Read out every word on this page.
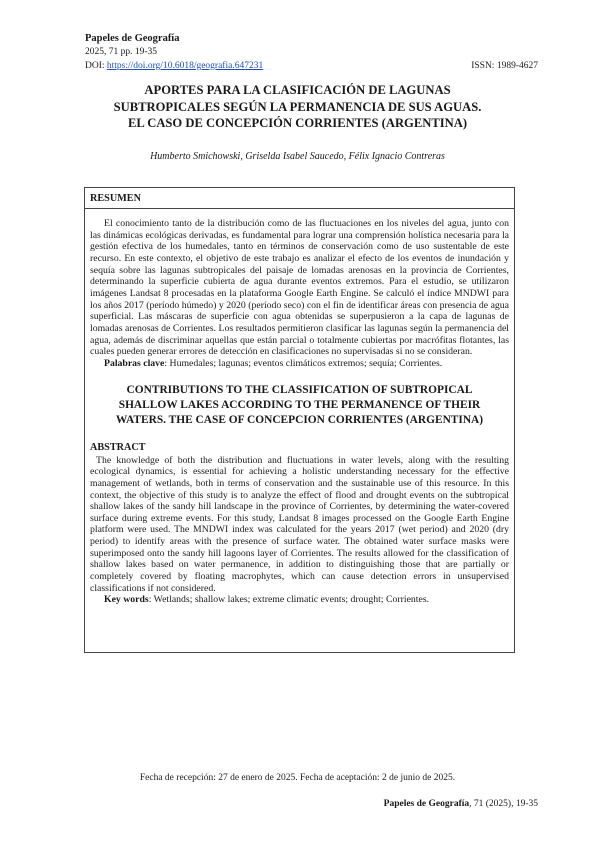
Papeles de Geografía
2025, 71 pp. 19-35
DOI: https://doi.org/10.6018/geografia.647231	ISSN: 1989-4627
APORTES PARA LA CLASIFICACIÓN DE LAGUNAS
SUBTROPICALES SEGÚN LA PERMANENCIA DE SUS AGUAS.
EL CASO DE CONCEPCIÓN CORRIENTES (ARGENTINA)
Humberto Smichowski, Griselda Isabel Saucedo, Félix Ignacio Contreras
RESUMEN
El conocimiento tanto de la distribución como de las fluctuaciones en los niveles del agua, junto con las dinámicas ecológicas derivadas, es fundamental para lograr una comprensión holística necesaria para la gestión efectiva de los humedales, tanto en términos de conservación como de uso sustentable de este recurso. En este contexto, el objetivo de este trabajo es analizar el efecto de los eventos de inundación y sequía sobre las lagunas subtropicales del paisaje de lomadas arenosas en la provincia de Corrientes, determinando la superficie cubierta de agua durante eventos extremos. Para el estudio, se utilizaron imágenes Landsat 8 procesadas en la plataforma Google Earth Engine. Se calculó el índice MNDWI para los años 2017 (período húmedo) y 2020 (período seco) con el fin de identificar áreas con presencia de agua superficial. Las máscaras de superficie con agua obtenidas se superpusieron a la capa de lagunas de lomadas arenosas de Corrientes. Los resultados permitieron clasificar las lagunas según la permanencia del agua, además de discriminar aquellas que están parcial o totalmente cubiertas por macrófitas flotantes, las cuales pueden generar errores de detección en clasificaciones no supervisadas si no se consideran.
Palabras clave: Humedales; lagunas; eventos climáticos extremos; sequía; Corrientes.
CONTRIBUTIONS TO THE CLASSIFICATION OF SUBTROPICAL
SHALLOW LAKES ACCORDING TO THE PERMANENCE OF THEIR
WATERS. THE CASE OF CONCEPCION CORRIENTES (ARGENTINA)
ABSTRACT
The knowledge of both the distribution and fluctuations in water levels, along with the resulting ecological dynamics, is essential for achieving a holistic understanding necessary for the effective management of wetlands, both in terms of conservation and the sustainable use of this resource. In this context, the objective of this study is to analyze the effect of flood and drought events on the subtropical shallow lakes of the sandy hill landscape in the province of Corrientes, by determining the water-covered surface during extreme events. For this study, Landsat 8 images processed on the Google Earth Engine platform were used. The MNDWI index was calculated for the years 2017 (wet period) and 2020 (dry period) to identify areas with the presence of surface water. The obtained water surface masks were superimposed onto the sandy hill lagoons layer of Corrientes. The results allowed for the classification of shallow lakes based on water permanence, in addition to distinguishing those that are partially or completely covered by floating macrophytes, which can cause detection errors in unsupervised classifications if not considered.
Key words: Wetlands; shallow lakes; extreme climatic events; drought; Corrientes.
Fecha de recepción: 27 de enero de 2025. Fecha de aceptación: 2 de junio de 2025.
Papeles de Geografía, 71 (2025), 19-35
